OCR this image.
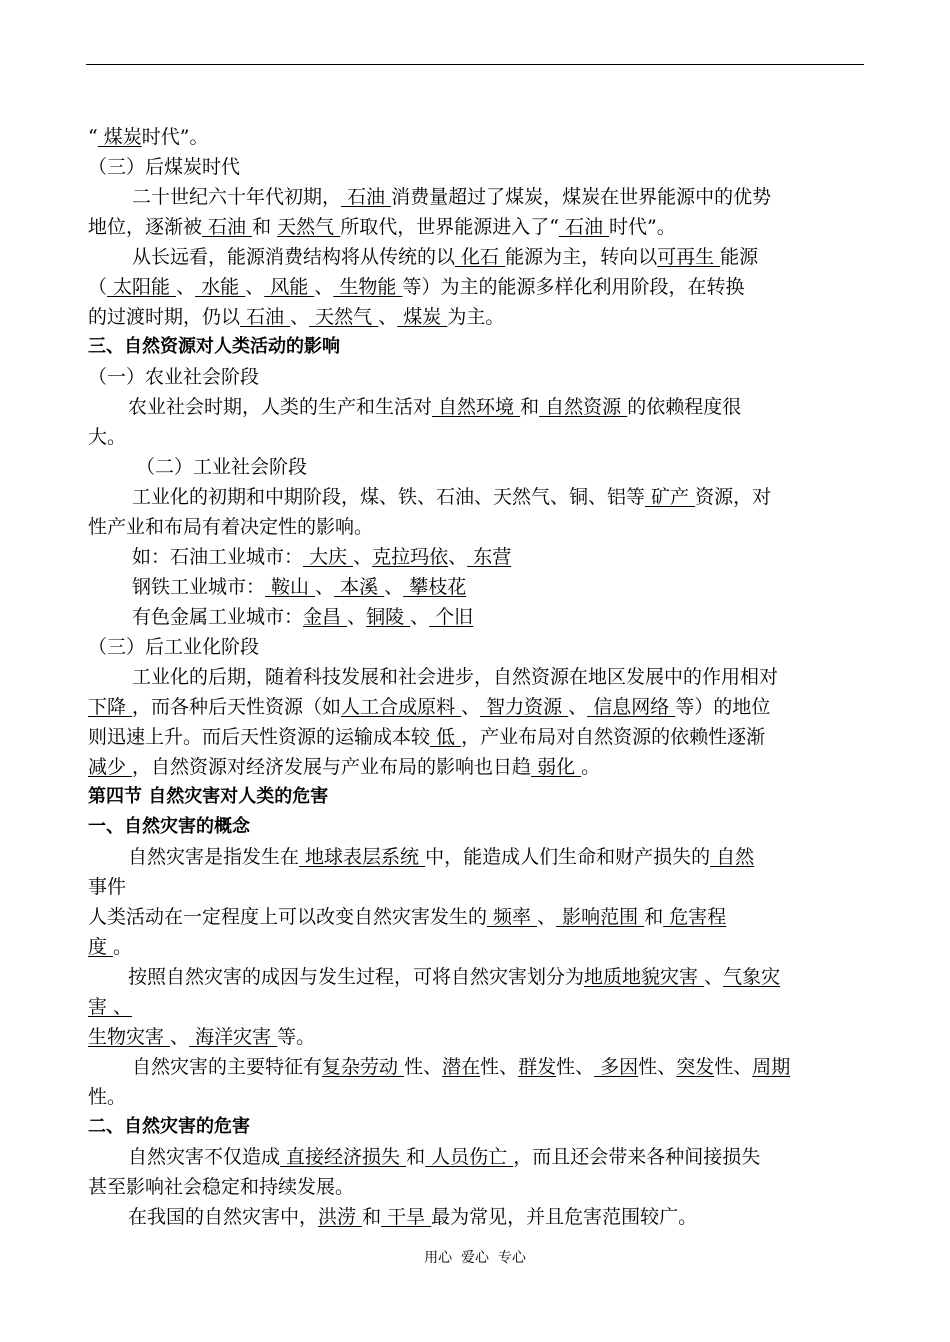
“ 煤炭时代”。
（三）后煤炭时代
二十世纪六十年代初期， 石油 消费量超过了煤炭，煤炭在世界能源中的优势
地位，逐渐被 石油 和 天然气 所取代，世界能源进入了“ 石油 时代”。
从长远看，能源消费结构将从传统的以 化石 能源为主，转向以可再生 能源
（ 太阳能 、 水能 、 风能 、 生物能 等）为主的能源多样化利用阶段，在转换
的过渡时期，仍以 石油 、 天然气 、 煤炭 为主。
三、自然资源对人类活动的影响
（一）农业社会阶段
农业社会时期，人类的生产和生活对 自然环境 和 自然资源 的依赖程度很
大。
（二）工业社会阶段
工业化的初期和中期阶段，煤、铁、石油、天然气、铜、铝等 矿产 资源，对
性产业和布局有着决定性的影响。
如：石油工业城市： 大庆 、克拉玛依、 东营
钢铁工业城市： 鞍山 、 本溪 、 攀枝花
有色金属工业城市：金昌 、铜陵 、 个旧
（三）后工业化阶段
工业化的后期，随着科技发展和社会进步，自然资源在地区发展中的作用相对
下降 ，而各种后天性资源（如人工合成原料 、 智力资源 、 信息网络 等）的地位
则迅速上升。而后天性资源的运输成本较 低 ，产业布局对自然资源的依赖性逐渐
减少 ，自然资源对经济发展与产业布局的影响也日趋 弱化 。
第四节 自然灾害对人类的危害
一、自然灾害的概念
自然灾害是指发生在 地球表层系统 中，能造成人们生命和财产损失的 自然
事件
人类活动在一定程度上可以改变自然灾害发生的 频率 、 影响范围 和 危害程
度 。
按照自然灾害的成因与发生过程，可将自然灾害划分为地质地貌灾害 、气象灾
害 、
生物灾害 、 海洋灾害 等。
自然灾害的主要特征有复杂劳动 性、潜在性、群发性、 多因性、突发性、周期
性。
二、自然灾害的危害
自然灾害不仅造成 直接经济损失 和 人员伤亡 ，而且还会带来各种间接损失
甚至影响社会稳定和持续发展。
在我国的自然灾害中，洪涝 和 干旱 最为常见，并且危害范围较广。
用心  爱心  专心
